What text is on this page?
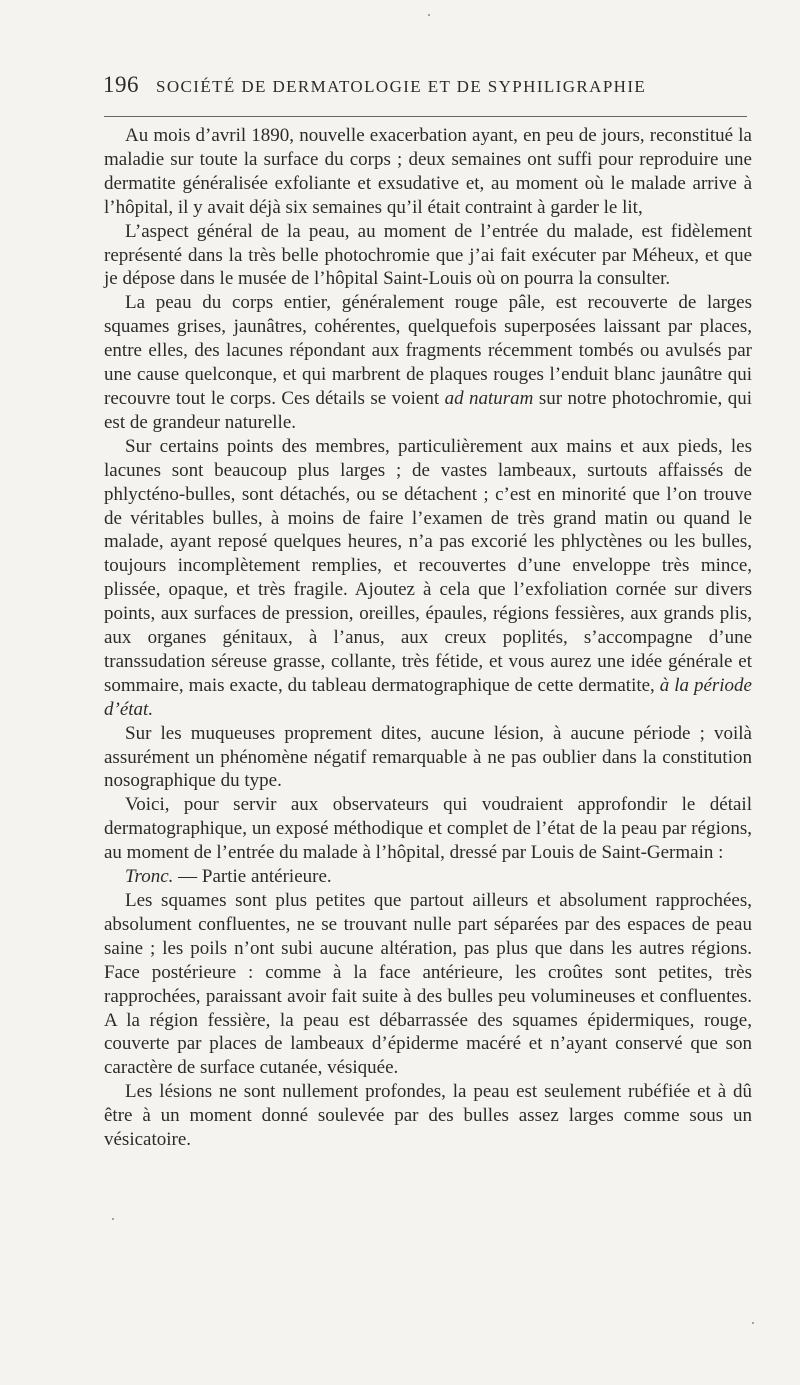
196 SOCIÉTÉ DE DERMATOLOGIE ET DE SYPHILIGRAPHIE

Au mois d’avril 1890, nouvelle exacerbation ayant, en peu de jours, reconstitué la maladie sur toute la surface du corps ; deux semaines ont suffi pour reproduire une dermatite généralisée exfoliante et exsudative et, au moment où le malade arrive à l’hôpital, il y avait déjà six semaines qu’il était contraint à garder le lit,

L’aspect général de la peau, au moment de l’entrée du malade, est fidèlement représenté dans la très belle photochromie que j’ai fait exécuter par Méheux, et que je dépose dans le musée de l’hôpital Saint-Louis où on pourra la consulter.

La peau du corps entier, généralement rouge pâle, est recouverte de larges squames grises, jaunâtres, cohérentes, quelquefois superposées laissant par places, entre elles, des lacunes répondant aux fragments récemment tombés ou avulsés par une cause quelconque, et qui marbrent de plaques rouges l’enduit blanc jaunâtre qui recouvre tout le corps. Ces détails se voient ad naturam sur notre photochromie, qui est de grandeur naturelle.

Sur certains points des membres, particulièrement aux mains et aux pieds, les lacunes sont beaucoup plus larges ; de vastes lambeaux, surtouts affaissés de phlycténo-bulles, sont détachés, ou se détachent ; c’est en minorité que l’on trouve de véritables bulles, à moins de faire l’examen de très grand matin ou quand le malade, ayant reposé quelques heures, n’a pas excorié les phlyctènes ou les bulles, toujours incomplètement remplies, et recouvertes d’une enveloppe très mince, plissée, opaque, et très fragile. Ajoutez à cela que l’exfoliation cornée sur divers points, aux surfaces de pression, oreilles, épaules, régions fessières, aux grands plis, aux organes génitaux, à l’anus, aux creux poplités, s’accompagne d’une transsudation séreuse grasse, collante, très fétide, et vous aurez une idée générale et sommaire, mais exacte, du tableau dermatographique de cette dermatite, à la période d’état.

Sur les muqueuses proprement dites, aucune lésion, à aucune période ; voilà assurément un phénomène négatif remarquable à ne pas oublier dans la constitution nosographique du type.

Voici, pour servir aux observateurs qui voudraient approfondir le détail dermatographique, un exposé méthodique et complet de l’état de la peau par régions, au moment de l’entrée du malade à l’hôpital, dressé par Louis de Saint-Germain :

Tronc. — Partie antérieure.

Les squames sont plus petites que partout ailleurs et absolument rapprochées, absolument confluentes, ne se trouvant nulle part séparées par des espaces de peau saine ; les poils n’ont subi aucune altération, pas plus que dans les autres régions. Face postérieure : comme à la face antérieure, les croûtes sont petites, très rapprochées, paraissant avoir fait suite à des bulles peu volumineuses et confluentes. A la région fessière, la peau est débarrassée des squames épidermiques, rouge, couverte par places de lambeaux d’épiderme macéré et n’ayant conservé que son caractère de surface cutanée, vésiquée.

Les lésions ne sont nullement profondes, la peau est seulement rubéfiée et à dû être à un moment donné soulevée par des bulles assez larges comme sous un vésicatoire.
